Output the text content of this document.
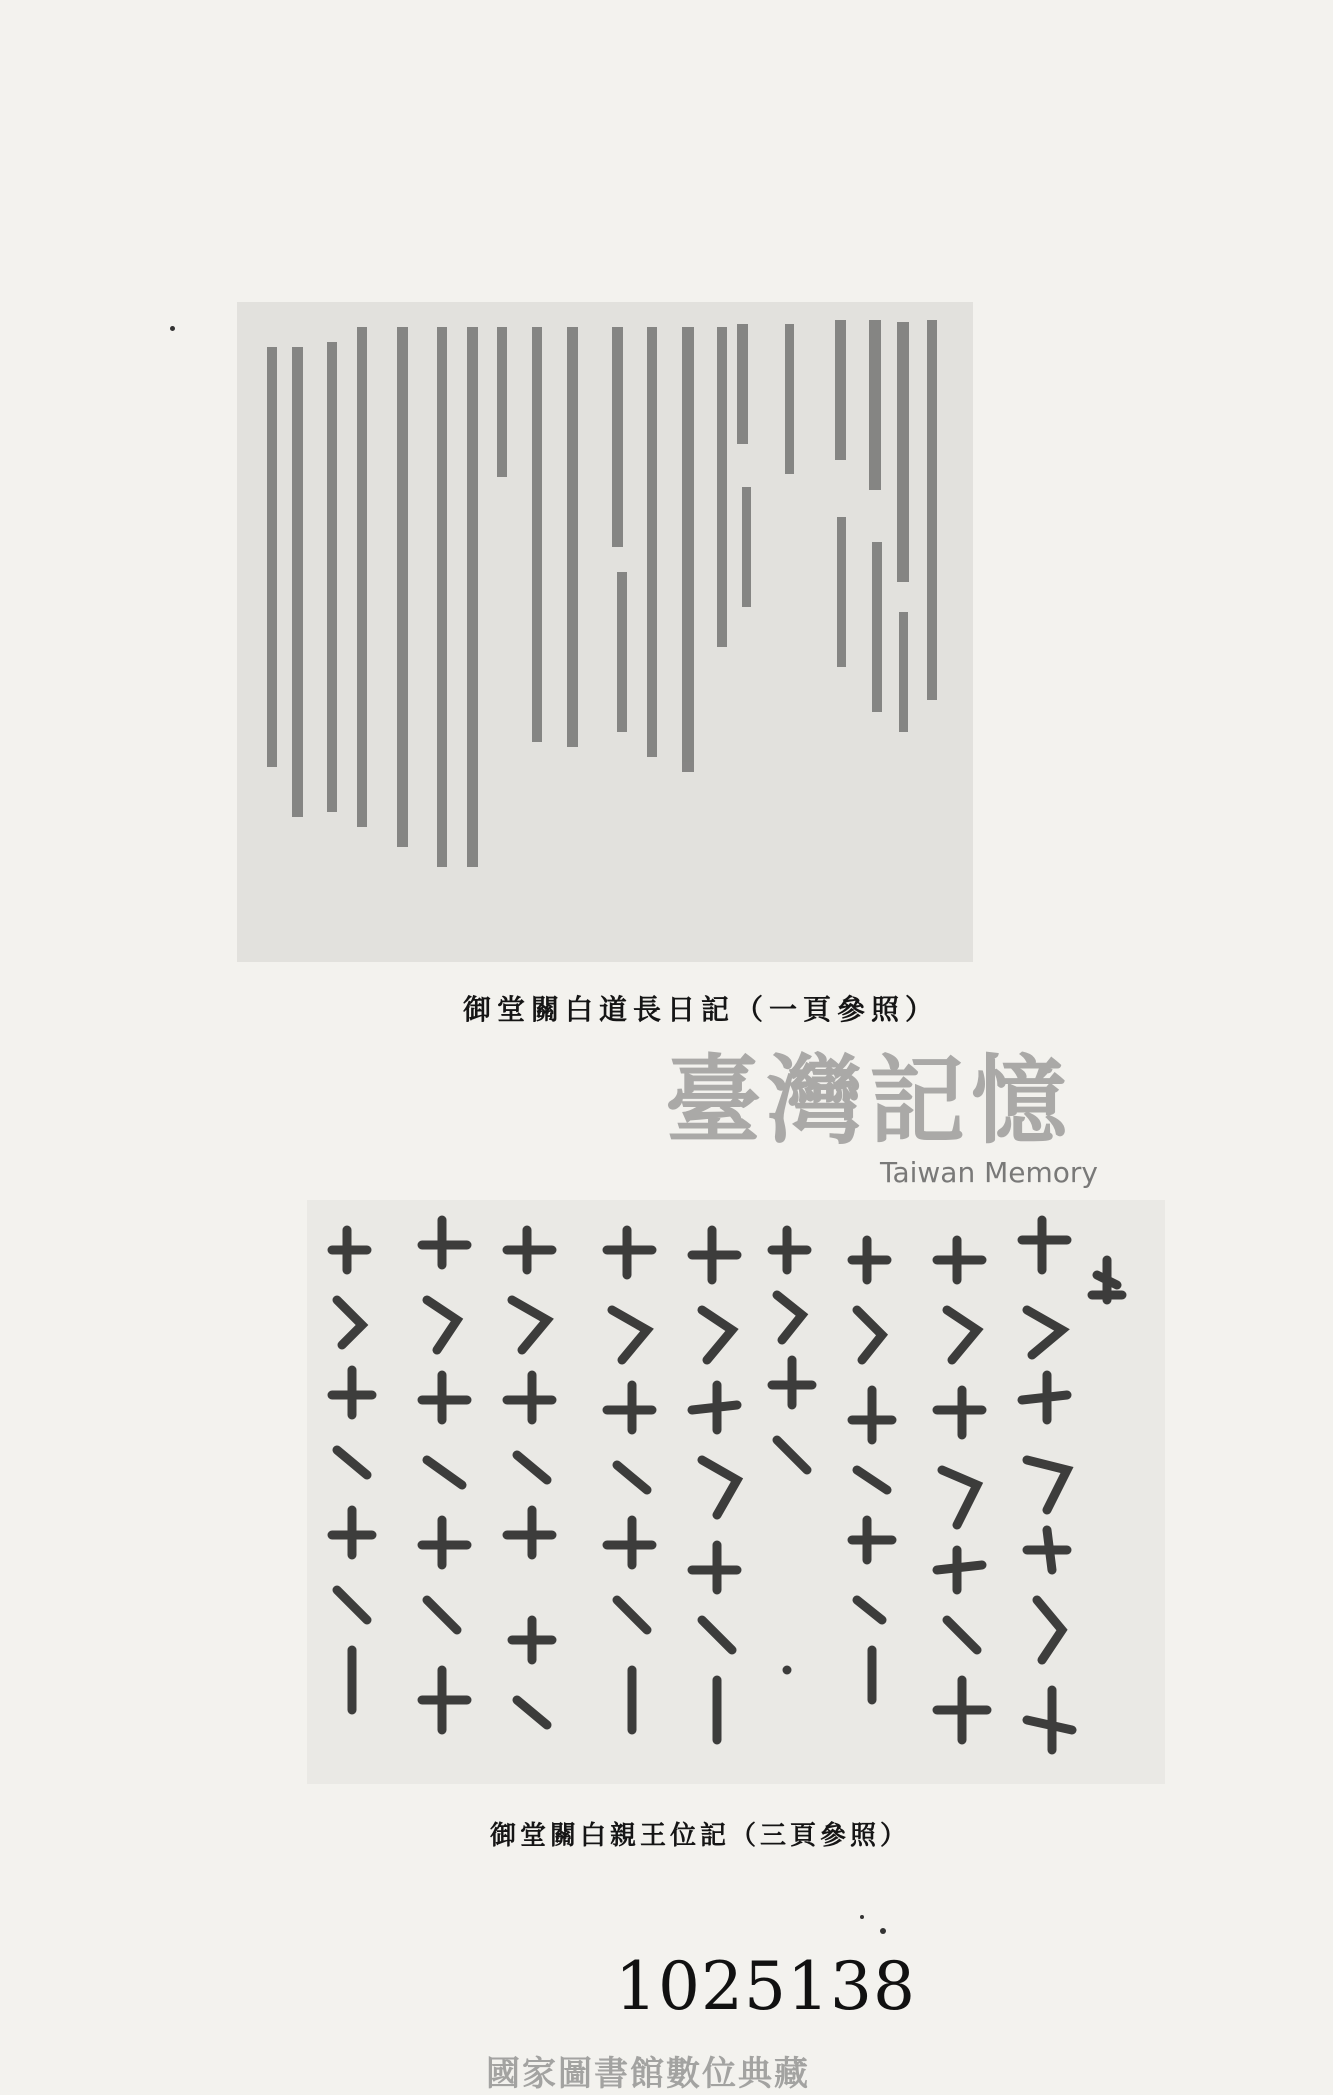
御堂關白道長日記（一頁參照）
臺灣記憶
Taiwan Memory
御堂關白親王位記（三頁參照）
1025138
國家圖書館數位典藏
